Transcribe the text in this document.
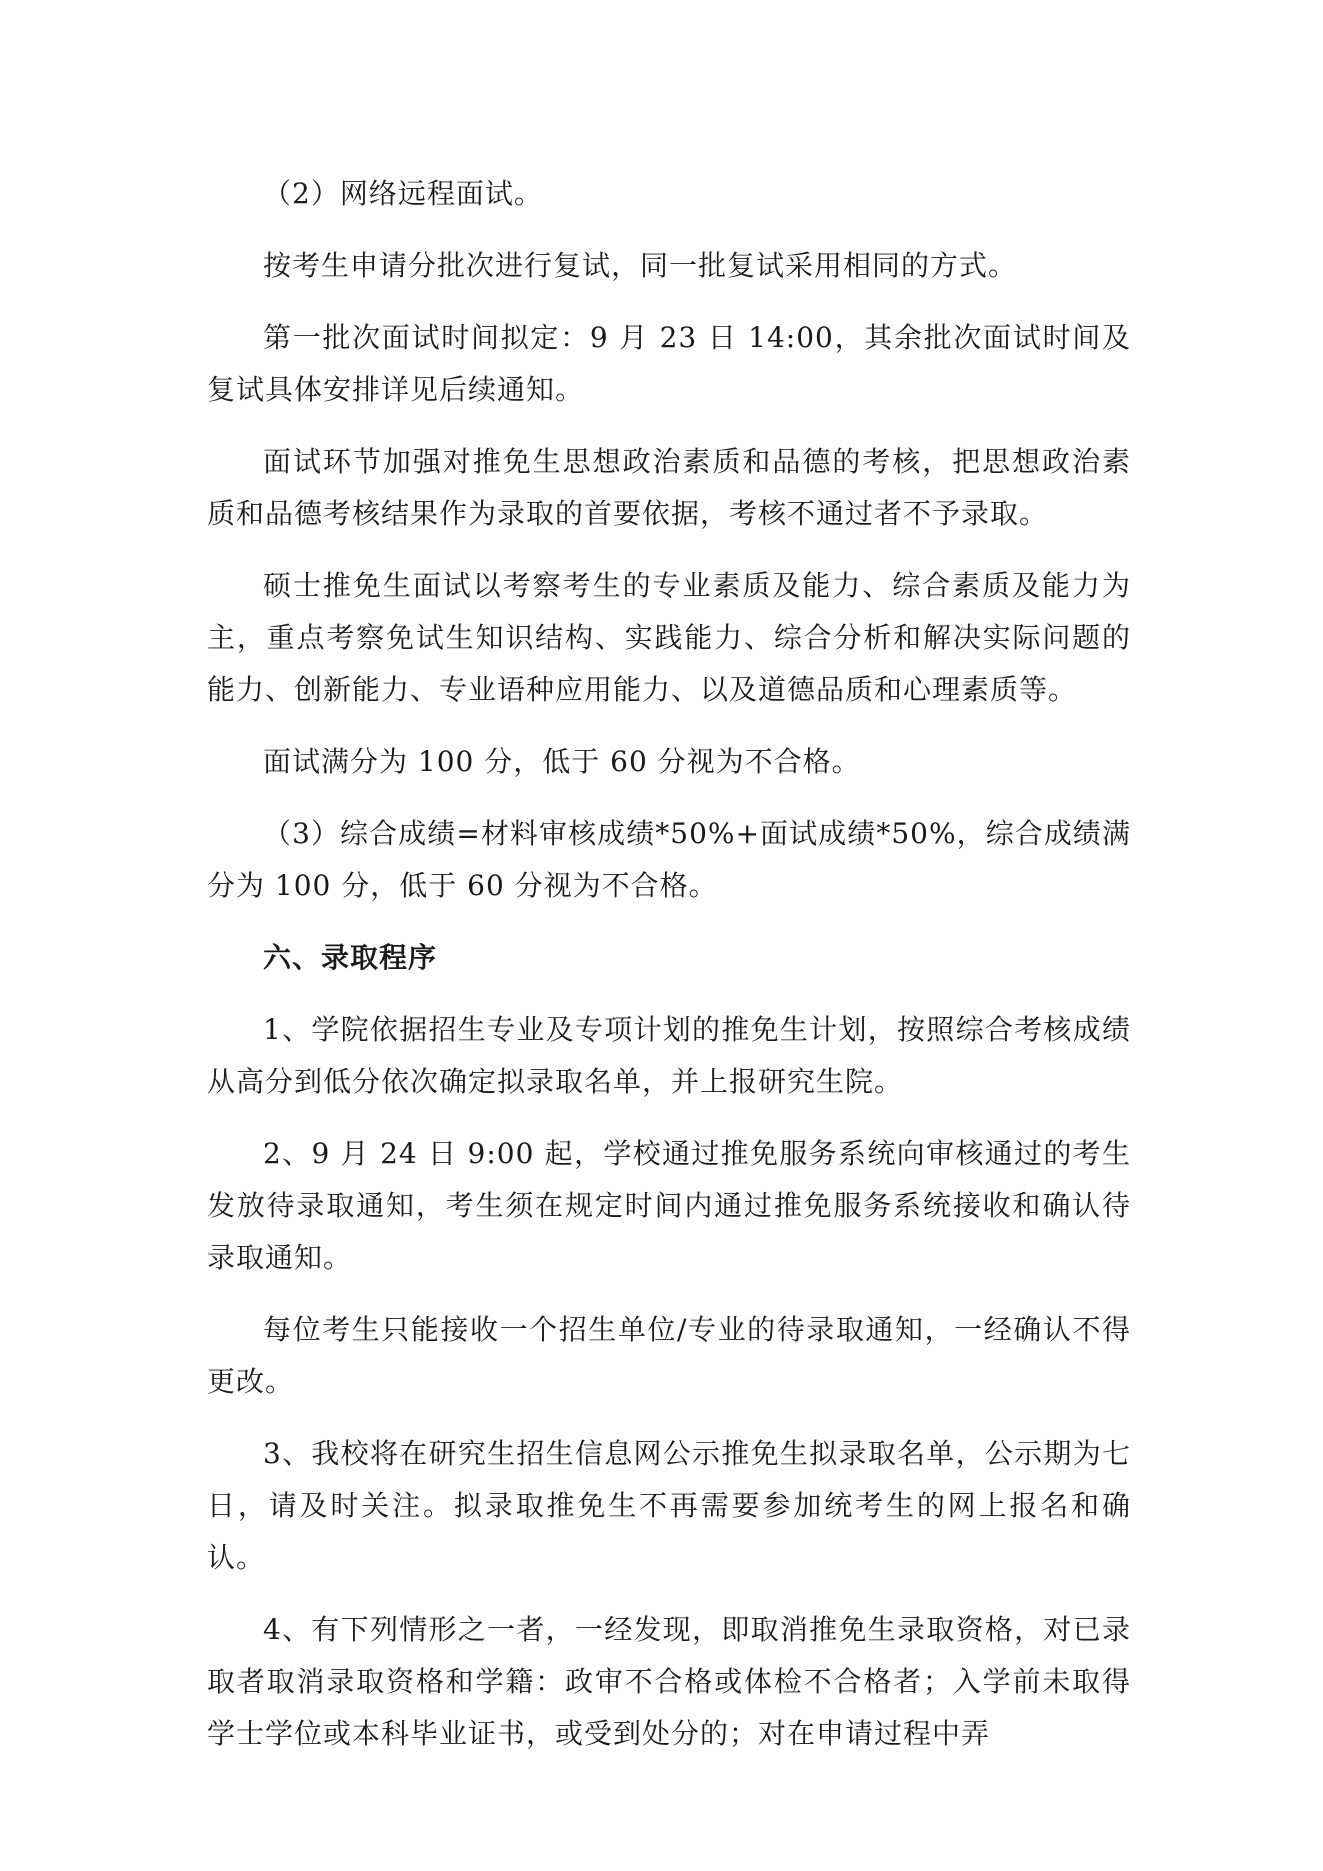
（2）网络远程面试。

按考生申请分批次进行复试，同一批复试采用相同的方式。

第一批次面试时间拟定：9 月 23 日 14:00，其余批次面试时间及复试具体安排详见后续通知。

面试环节加强对推免生思想政治素质和品德的考核，把思想政治素质和品德考核结果作为录取的首要依据，考核不通过者不予录取。

硕士推免生面试以考察考生的专业素质及能力、综合素质及能力为主，重点考察免试生知识结构、实践能力、综合分析和解决实际问题的能力、创新能力、专业语种应用能力、以及道德品质和心理素质等。

面试满分为 100 分，低于 60 分视为不合格。

（3）综合成绩=材料审核成绩*50%+面试成绩*50%，综合成绩满分为 100 分，低于 60 分视为不合格。

六、录取程序

1、学院依据招生专业及专项计划的推免生计划，按照综合考核成绩从高分到低分依次确定拟录取名单，并上报研究生院。

2、9 月 24 日 9:00 起，学校通过推免服务系统向审核通过的考生发放待录取通知，考生须在规定时间内通过推免服务系统接收和确认待录取通知。

每位考生只能接收一个招生单位/专业的待录取通知，一经确认不得更改。

3、我校将在研究生招生信息网公示推免生拟录取名单，公示期为七日，请及时关注。拟录取推免生不再需要参加统考生的网上报名和确认。

4、有下列情形之一者，一经发现，即取消推免生录取资格，对已录取者取消录取资格和学籍：政审不合格或体检不合格者；入学前未取得学士学位或本科毕业证书，或受到处分的；对在申请过程中弄
